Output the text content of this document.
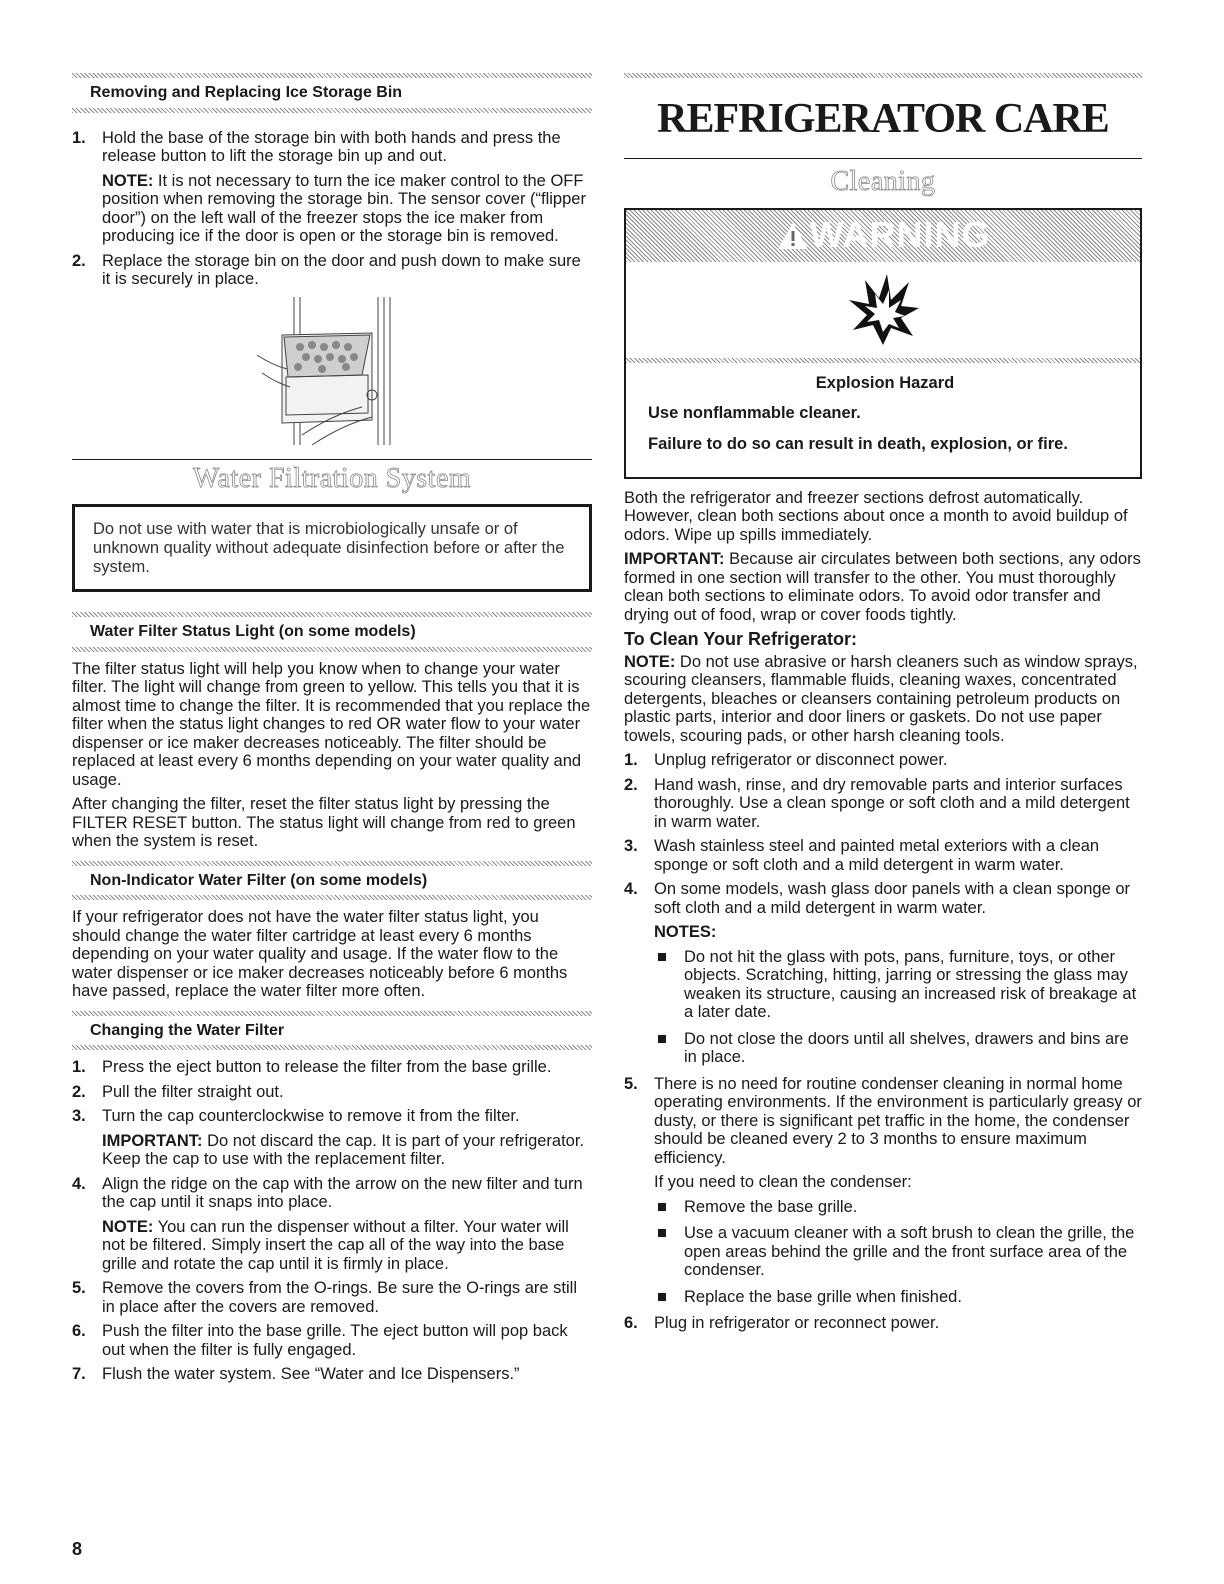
Removing and Replacing Ice Storage Bin
1. Hold the base of the storage bin with both hands and press the release button to lift the storage bin up and out.

NOTE: It is not necessary to turn the ice maker control to the OFF position when removing the storage bin. The sensor cover (“flipper door”) on the left wall of the freezer stops the ice maker from producing ice if the door is open or the storage bin is removed.

2. Replace the storage bin on the door and push down to make sure it is securely in place.

Water Filtration System
Do not use with water that is microbiologically unsafe or of unknown quality without adequate disinfection before or after the system.
Water Filter Status Light (on some models)

The filter status light will help you know when to change your water filter. The light will change from green to yellow. This tells you that it is almost time to change the filter. It is recommended that you replace the filter when the status light changes to red OR water flow to your water dispenser or ice maker decreases noticeably. The filter should be replaced at least every 6 months depending on your water quality and usage.

After changing the filter, reset the filter status light by pressing the FILTER RESET button. The status light will change from red to green when the system is reset.

Non-Indicator Water Filter (on some models)

If your refrigerator does not have the water filter status light, you should change the water filter cartridge at least every 6 months depending on your water quality and usage. If the water flow to the water dispenser or ice maker decreases noticeably before 6 months have passed, replace the water filter more often.

Changing the Water Filter
1. Press the eject button to release the filter from the base grille.

2. Pull the filter straight out.

3. Turn the cap counterclockwise to remove it from the filter.

IMPORTANT: Do not discard the cap. It is part of your refrigerator. Keep the cap to use with the replacement filter.

4. Align the ridge on the cap with the arrow on the new filter and turn the cap until it snaps into place.

NOTE: You can run the dispenser without a filter. Your water will not be filtered. Simply insert the cap all of the way into the base grille and rotate the cap until it is firmly in place.

5. Remove the covers from the O-rings. Be sure the O-rings are still in place after the covers are removed.

6. Push the filter into the base grille. The eject button will pop back out when the filter is fully engaged.

7. Flush the water system. See “Water and Ice Dispensers.”

REFRIGERATOR CARE
Cleaning
WARNING
Explosion Hazard
Use nonflammable cleaner.
Failure to do so can result in death, explosion, or fire.

Both the refrigerator and freezer sections defrost automatically. However, clean both sections about once a month to avoid buildup of odors. Wipe up spills immediately.

IMPORTANT: Because air circulates between both sections, any odors formed in one section will transfer to the other. You must thoroughly clean both sections to eliminate odors. To avoid odor transfer and drying out of food, wrap or cover foods tightly.

To Clean Your Refrigerator:

NOTE: Do not use abrasive or harsh cleaners such as window sprays, scouring cleansers, flammable fluids, cleaning waxes, concentrated detergents, bleaches or cleansers containing petroleum products on plastic parts, interior and door liners or gaskets. Do not use paper towels, scouring pads, or other harsh cleaning tools.

1. Unplug refrigerator or disconnect power.

2. Hand wash, rinse, and dry removable parts and interior surfaces thoroughly. Use a clean sponge or soft cloth and a mild detergent in warm water.

3. Wash stainless steel and painted metal exteriors with a clean sponge or soft cloth and a mild detergent in warm water.

4. On some models, wash glass door panels with a clean sponge or soft cloth and a mild detergent in warm water.

NOTES:

Do not hit the glass with pots, pans, furniture, toys, or other objects. Scratching, hitting, jarring or stressing the glass may weaken its structure, causing an increased risk of breakage at a later date.
Do not close the doors until all shelves, drawers and bins are in place.
5. There is no need for routine condenser cleaning in normal home operating environments. If the environment is particularly greasy or dusty, or there is significant pet traffic in the home, the condenser should be cleaned every 2 to 3 months to ensure maximum efficiency.

If you need to clean the condenser:

Remove the base grille.
Use a vacuum cleaner with a soft brush to clean the grille, the open areas behind the grille and the front surface area of the condenser.
Replace the base grille when finished.
6. Plug in refrigerator or reconnect power.

8
